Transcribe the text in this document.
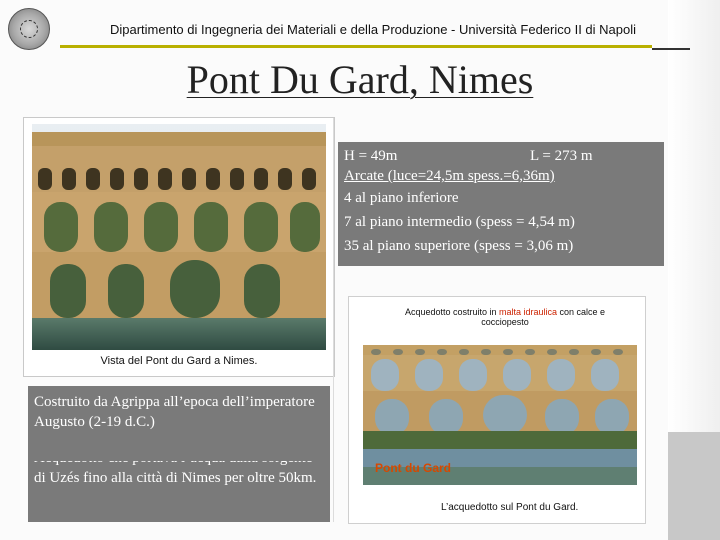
Dipartimento di Ingegneria dei Materiali e della Produzione - Università Federico II di Napoli
Pont Du Gard, Nimes
Vista del Pont du Gard a Nimes.
H = 49m	L = 273 m
Arcate (luce=24,5m spess.=6,36m)
4 al piano inferiore
7 al piano intermedio (spess = 4,54 m)
35 al piano superiore (spess = 3,06 m)
Costruito da Agrippa all’epoca dell’imperatore Augusto (2-19 d.C.)
di Uzés fino alla città di Nimes per oltre 50km.
Acquedotto costruito in malta idraulica con calce e cocciopesto
Pont du Gard
L’acquedotto sul Pont du Gard.
